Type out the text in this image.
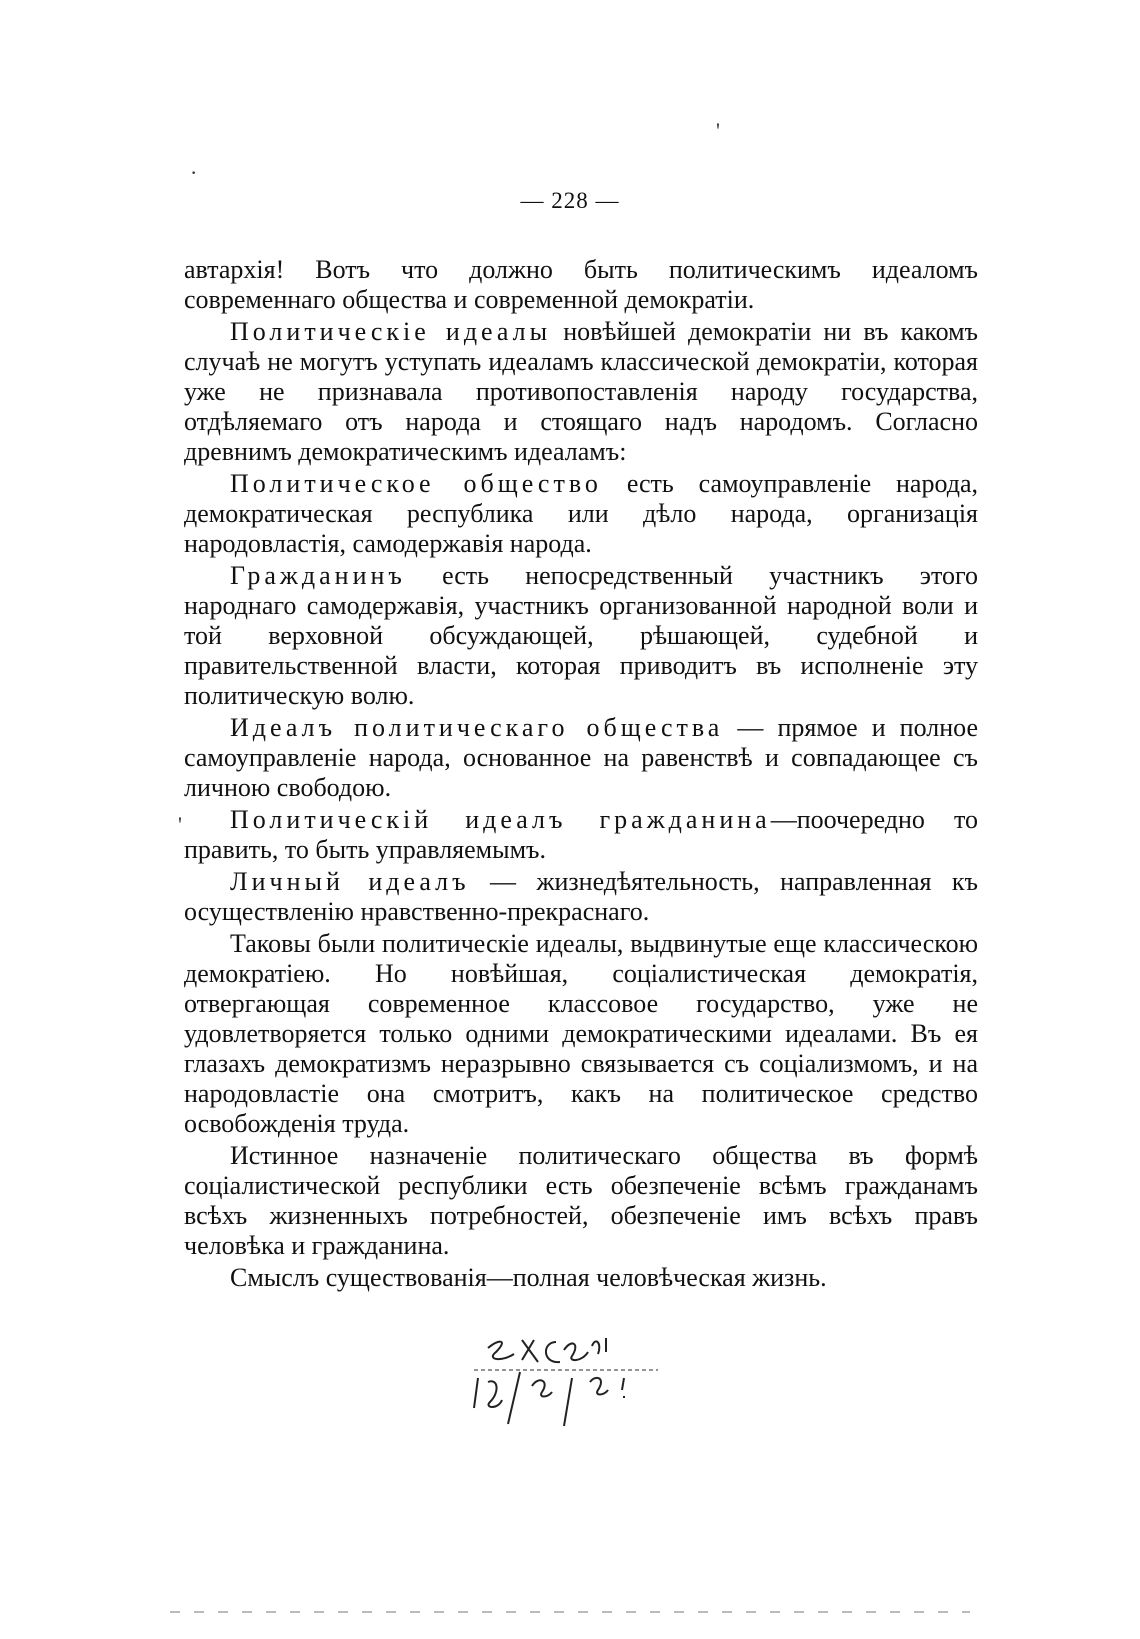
— 228 —

автархія! Вотъ что должно быть политическимъ идеаломъ современнаго общества и современной демократіи.

Политическіе идеалы новѣйшей демократіи ни въ какомъ случаѣ не могутъ уступать идеаламъ классической демократіи, которая уже не признавала противопоставленія народу государства, отдѣляемаго отъ народа и стоящаго надъ народомъ. Согласно древнимъ демократическимъ идеаламъ:

Политическое общество есть самоуправленіе народа, демократическая республика или дѣло народа, организація народовластія, самодержавія народа.

Гражданинъ есть непосредственный участникъ этого народнаго самодержавія, участникъ организованной народной воли и той верховной обсуждающей, рѣшающей, судебной и правительственной власти, которая приводитъ въ исполненіе эту политическую волю.

Идеалъ политическаго общества — прямое и полное самоуправленіе народа, основанное на равенствѣ и совпадающее съ личною свободою.

Политическій идеалъ гражданина—поочередно то править, то быть управляемымъ.

Личный идеалъ — жизнедѣятельность, направленная къ осуществленію нравственно-прекраснаго.

Таковы были политическіе идеалы, выдвинутые еще классическою демократіею. Но новѣйшая, соціалистическая демократія, отвергающая современное классовое государство, уже не удовлетворяется только одними демократическими идеалами. Въ ея глазахъ демократизмъ неразрывно связывается съ соціализмомъ, и на народовластіе она смотритъ, какъ на политическое средство освобожденія труда.

Истинное назначеніе политическаго общества въ формѣ соціалистической республики есть обезпеченіе всѣмъ гражданамъ всѣхъ жизненныхъ потребностей, обезпеченіе имъ всѣхъ правъ человѣка и гражданина.

Смыслъ существованія—полная человѣческая жизнь.

'
·
'
